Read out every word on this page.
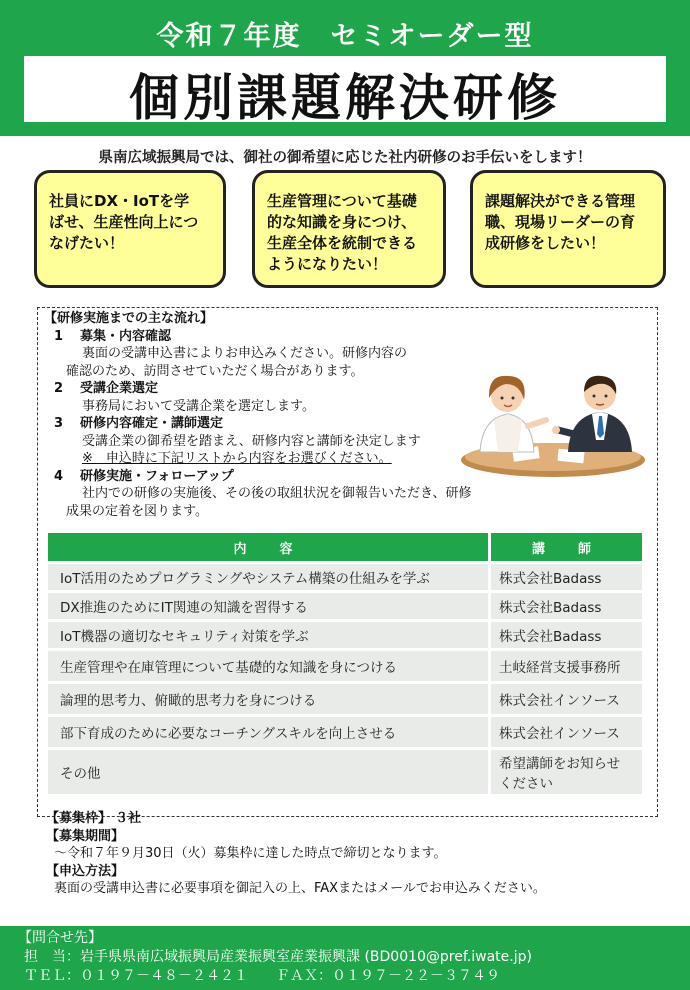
令和７年度　セミオーダー型
個別課題解決研修
県南広域振興局では、御社の御希望に応じた社内研修のお手伝いをします！
社員にDX・IoTを学
ばせ、生産性向上につ
なげたい！
生産管理について基礎
的な知識を身につけ、
生産全体を統制できる
ようになりたい！
課題解決ができる管理
職、現場リーダーの育
成研修をしたい！
【研修実施までの主な流れ】
1 募集・内容確認
裏面の受講申込書によりお申込みください。研修内容の
確認のため、訪問させていただく場合があります。
2 受講企業選定
事務局において受講企業を選定します。
3 研修内容確定・講師選定
受講企業の御希望を踏まえ、研修内容と講師を決定します
※　申込時に下記リストから内容をお選びください。
4 研修実施・フォローアップ
社内での研修の実施後、その後の取組状況を御報告いただき、研修
成果の定着を図ります。
内　容	講　師
IoT活用のためプログラミングやシステム構築の仕組みを学ぶ	株式会社Badass
DX推進のためにIT関連の知識を習得する	株式会社Badass
IoT機器の適切なセキュリティ対策を学ぶ	株式会社Badass
生産管理や在庫管理について基礎的な知識を身につける	土岐経営支援事務所
論理的思考力、俯瞰的思考力を身につける	株式会社インソース
部下育成のために必要なコーチングスキルを向上させる	株式会社インソース
その他	希望講師をお知らせ
ください
【募集枠】 ３社
【募集期間】
～令和７年９月30日（火）募集枠に達した時点で締切となります。
【申込方法】
裏面の受講申込書に必要事項を御記入の上、FAXまたはメールでお申込みください。
【問合せ先】
担　当：岩手県県南広域振興局産業振興室産業振興課 (BD0010@pref.iwate.jp)
ＴＥＬ：０１９７－４８－２４２１　　ＦＡＸ：０１９７－２２－３７４９
